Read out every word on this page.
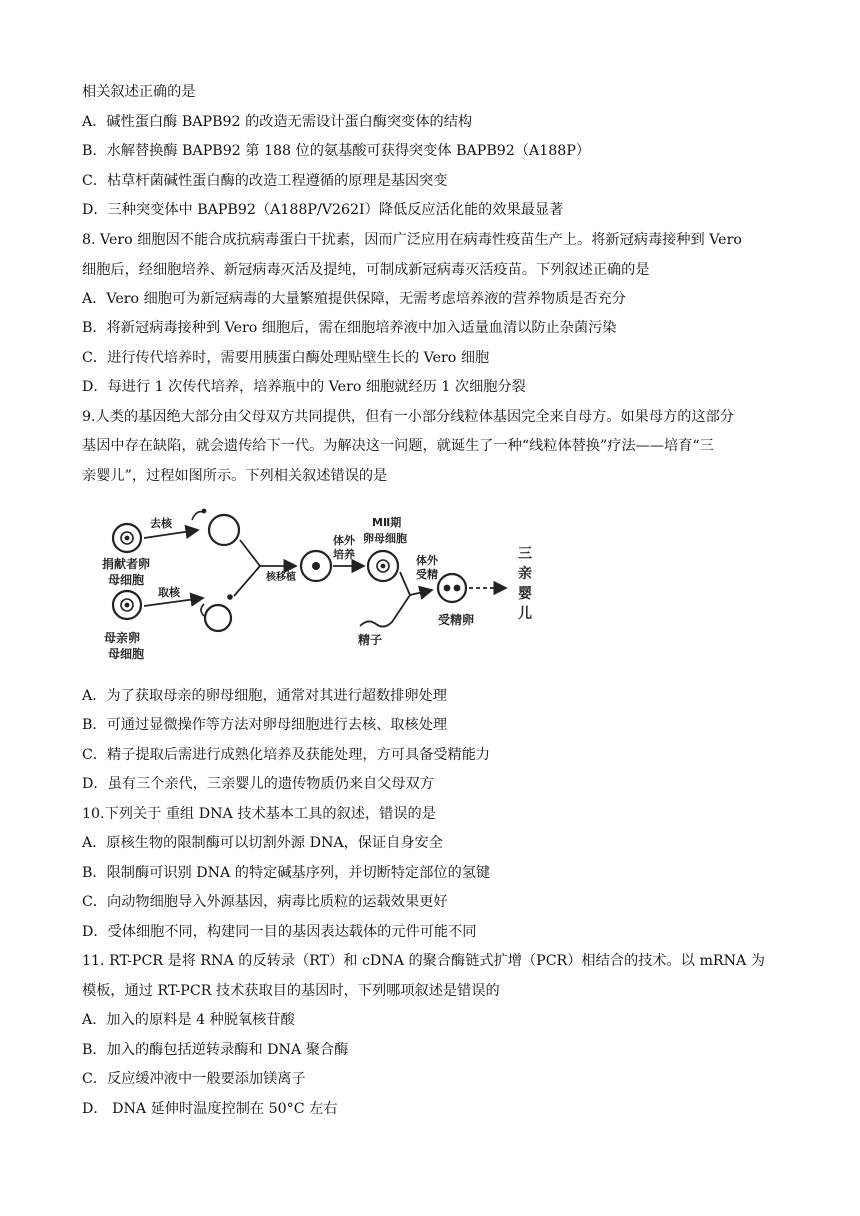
相关叙述正确的是
A．碱性蛋白酶 BAPB92 的改造无需设计蛋白酶突变体的结构
B．水解替换酶 BAPB92 第 188 位的氨基酸可获得突变体 BAPB92（A188P）
C．枯草杆菌碱性蛋白酶的改造工程遵循的原理是基因突变
D．三种突变体中 BAPB92（A188P/V262I）降低反应活化能的效果最显著
8. Vero 细胞因不能合成抗病毒蛋白干扰素，因而广泛应用在病毒性疫苗生产上。将新冠病毒接种到 Vero
细胞后，经细胞培养、新冠病毒灭活及提纯，可制成新冠病毒灭活疫苗。下列叙述正确的是
A．Vero 细胞可为新冠病毒的大量繁殖提供保障，无需考虑培养液的营养物质是否充分
B．将新冠病毒接种到 Vero 细胞后，需在细胞培养液中加入适量血清以防止杂菌污染
C．进行传代培养时，需要用胰蛋白酶处理贴壁生长的 Vero 细胞
D．每进行 1 次传代培养，培养瓶中的 Vero 细胞就经历 1 次细胞分裂
9.人类的基因绝大部分由父母双方共同提供，但有一小部分线粒体基因完全来自母方。如果母方的这部分
基因中存在缺陷，就会遗传给下一代。为解决这一问题，就诞生了一种“线粒体替换”疗法——培育“三
亲婴儿”，过程如图所示。下列相关叙述错误的是
去核
捐献者卵
母细胞
取核
母亲卵
母细胞
核移植
体外
培养
MⅡ期
卵母细胞
体外
受精
精子
受精卵
三
亲
婴
儿
A．为了获取母亲的卵母细胞，通常对其进行超数排卵处理
B．可通过显微操作等方法对卵母细胞进行去核、取核处理
C．精子提取后需进行成熟化培养及获能处理，方可具备受精能力
D．虽有三个亲代，三亲婴儿的遗传物质仍来自父母双方
10.下列关于 重组 DNA 技术基本工具的叙述，错误的是
A．原核生物的限制酶可以切割外源 DNA，保证自身安全
B．限制酶可识别 DNA 的特定碱基序列，并切断特定部位的氢键
C．向动物细胞导入外源基因，病毒比质粒的运载效果更好
D．受体细胞不同，构建同一目的基因表达载体的元件可能不同
11. RT-PCR 是将 RNA 的反转录（RT）和 cDNA 的聚合酶链式扩增（PCR）相结合的技术。以 mRNA 为
模板，通过 RT-PCR 技术获取目的基因时，下列哪项叙述是错误的
A．加入的原料是 4 种脱氧核苷酸
B．加入的酶包括逆转录酶和 DNA 聚合酶
C．反应缓冲液中一般要添加镁离子
D． DNA 延伸时温度控制在 50°C 左右
